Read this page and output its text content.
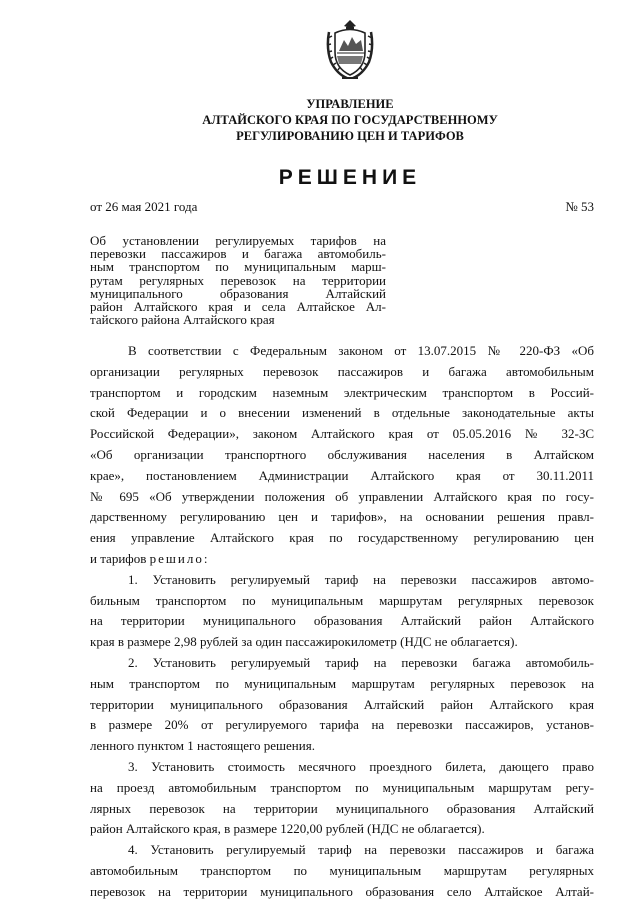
УПРАВЛЕНИЕ
АЛТАЙСКОГО КРАЯ ПО ГОСУДАРСТВЕННОМУ
РЕГУЛИРОВАНИЮ ЦЕН И ТАРИФОВ
РЕШЕНИЕ
от 26 мая 2021 года	№ 53
Об установлении регулируемых тарифов на
перевозки пассажиров и багажа автомобиль-
ным транспортом по муниципальным марш-
рутам регулярных перевозок на территории
муниципального образования Алтайский
район Алтайского края и села Алтайское Ал-
тайского района Алтайского края
В соответствии с Федеральным законом от 13.07.2015 № 220-ФЗ «Об
организации регулярных перевозок пассажиров и багажа автомобильным
транспортом и городским наземным электрическим транспортом в Россий-
ской Федерации и о внесении изменений в отдельные законодательные акты
Российской Федерации», законом Алтайского края от 05.05.2016 № 32-ЗС
«Об организации транспортного обслуживания населения в Алтайском
крае», постановлением Администрации Алтайского края от 30.11.2011
№ 695 «Об утверждении положения об управлении Алтайского края по госу-
дарственному регулированию цен и тарифов», на основании решения правл-
ения управление Алтайского края по государственному регулированию цен
и тарифов решило:
1. Установить регулируемый тариф на перевозки пассажиров автомо-
бильным транспортом по муниципальным маршрутам регулярных перевозок
на территории муниципального образования Алтайский район Алтайского
края в размере 2,98 рублей за один пассажирокилометр (НДС не облагается).
2. Установить регулируемый тариф на перевозки багажа автомобиль-
ным транспортом по муниципальным маршрутам регулярных перевозок на
территории муниципального образования Алтайский район Алтайского края
в размере 20% от регулируемого тарифа на перевозки пассажиров, установ-
ленного пунктом 1 настоящего решения.
3. Установить стоимость месячного проездного билета, дающего право
на проезд автомобильным транспортом по муниципальным маршрутам регу-
лярных перевозок на территории муниципального образования Алтайский
район Алтайского края, в размере 1220,00 рублей (НДС не облагается).
4. Установить регулируемый тариф на перевозки пассажиров и багажа
автомобильным транспортом по муниципальным маршрутам регулярных
перевозок на территории муниципального образования село Алтайское Алтай-
